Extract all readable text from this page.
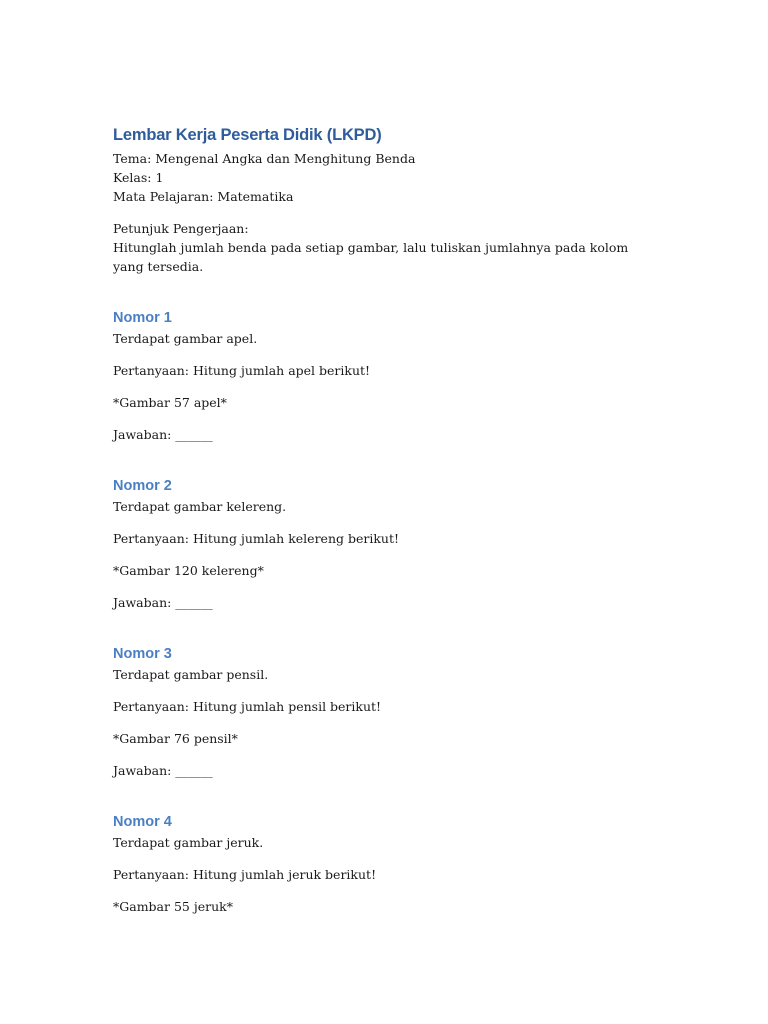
Lembar Kerja Peserta Didik (LKPD)

Tema: Mengenal Angka dan Menghitung Benda

Kelas: 1

Mata Pelajaran: Matematika

Petunjuk Pengerjaan:

Hitunglah jumlah benda pada setiap gambar, lalu tuliskan jumlahnya pada kolom yang tersedia.

Nomor 1

Terdapat gambar apel.

Pertanyaan: Hitung jumlah apel berikut!

*Gambar 57 apel*

Jawaban: ______

Nomor 2

Terdapat gambar kelereng.

Pertanyaan: Hitung jumlah kelereng berikut!

*Gambar 120 kelereng*

Jawaban: ______

Nomor 3

Terdapat gambar pensil.

Pertanyaan: Hitung jumlah pensil berikut!

*Gambar 76 pensil*

Jawaban: ______

Nomor 4

Terdapat gambar jeruk.

Pertanyaan: Hitung jumlah jeruk berikut!

*Gambar 55 jeruk*
